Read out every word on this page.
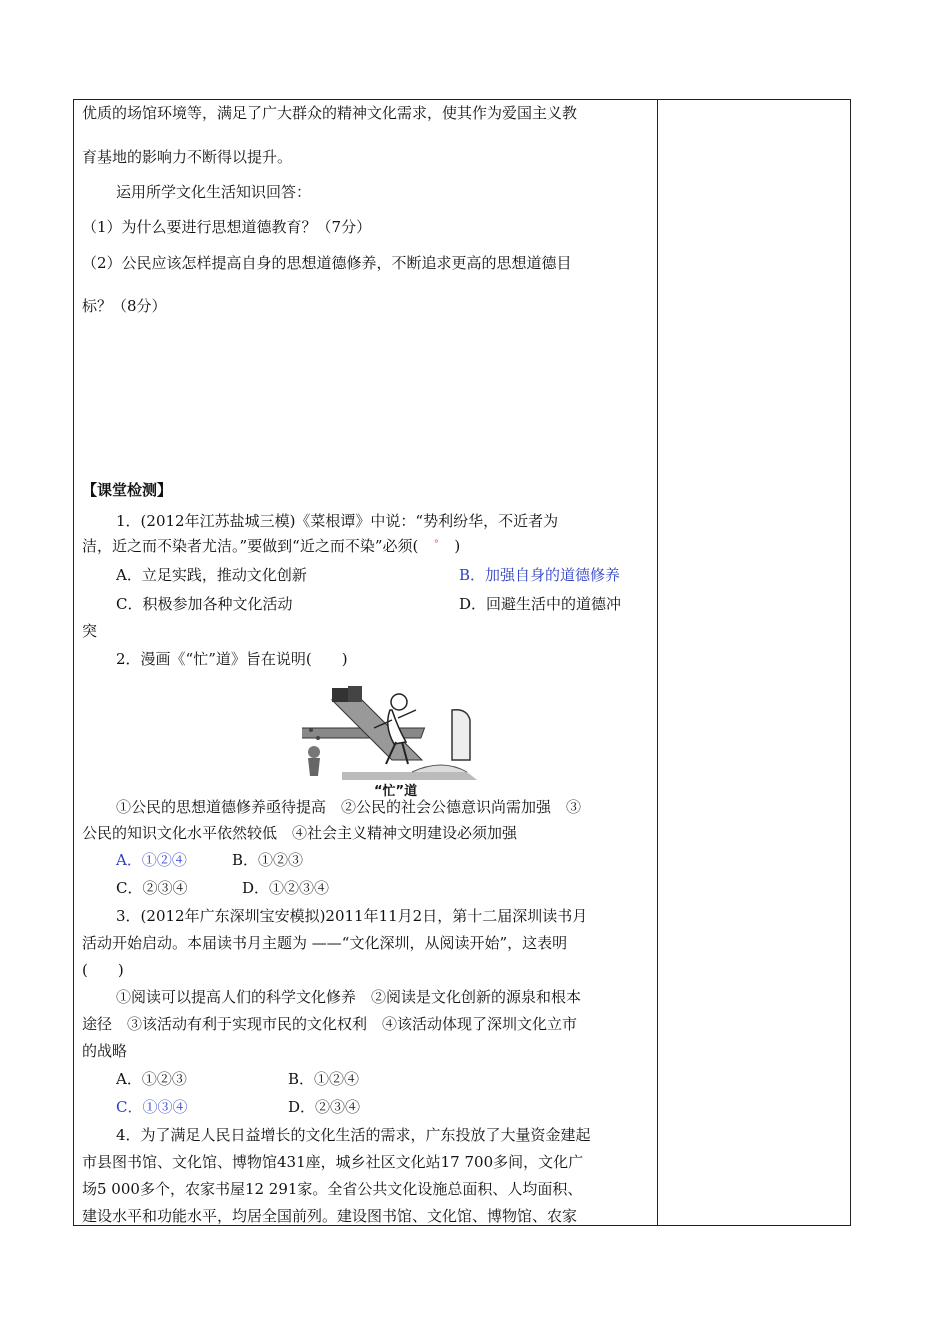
优质的场馆环境等，满足了广大群众的精神文化需求，使其作为爱国主义教
育基地的影响力不断得以提升。
运用所学文化生活知识回答：
（1）为什么要进行思想道德教育？（7分）
（2）公民应该怎样提高自身的思想道德修养，不断追求更高的思想道德目
标？（8分）
【课堂检测】
1．(2012年江苏盐城三模)《菜根谭》中说：“势利纷华，不近者为
洁，近之而不染者尤洁。”要做到“近之而不染”必须( ° )
A．立足实践，推动文化创新	B．加强自身的道德修养
C．积极参加各种文化活动	D．回避生活中的道德冲
突
2．漫画《“忙”道》旨在说明(　　)
“忙”道
①公民的思想道德修养亟待提高　②公民的社会公德意识尚需加强　③
公民的知识文化水平依然较低　④社会主义精神文明建设必须加强
A．①②④	B．①②③
C．②③④	D．①②③④
3．(2012年广东深圳宝安模拟)2011年11月2日，第十二届深圳读书月
活动开始启动。本届读书月主题为 ——“文化深圳，从阅读开始”，这表明
(　　)
①阅读可以提高人们的科学文化修养　②阅读是文化创新的源泉和根本
途径　③该活动有利于实现市民的文化权利　④该活动体现了深圳文化立市
的战略
A．①②③	B．①②④
C．①③④	D．②③④
4．为了满足人民日益增长的文化生活的需求，广东投放了大量资金建起
市县图书馆、文化馆、博物馆431座，城乡社区文化站17 700多间，文化广
场5 000多个，农家书屋12 291家。全省公共文化设施总面积、人均面积、
建设水平和功能水平，均居全国前列。建设图书馆、文化馆、博物馆、农家
